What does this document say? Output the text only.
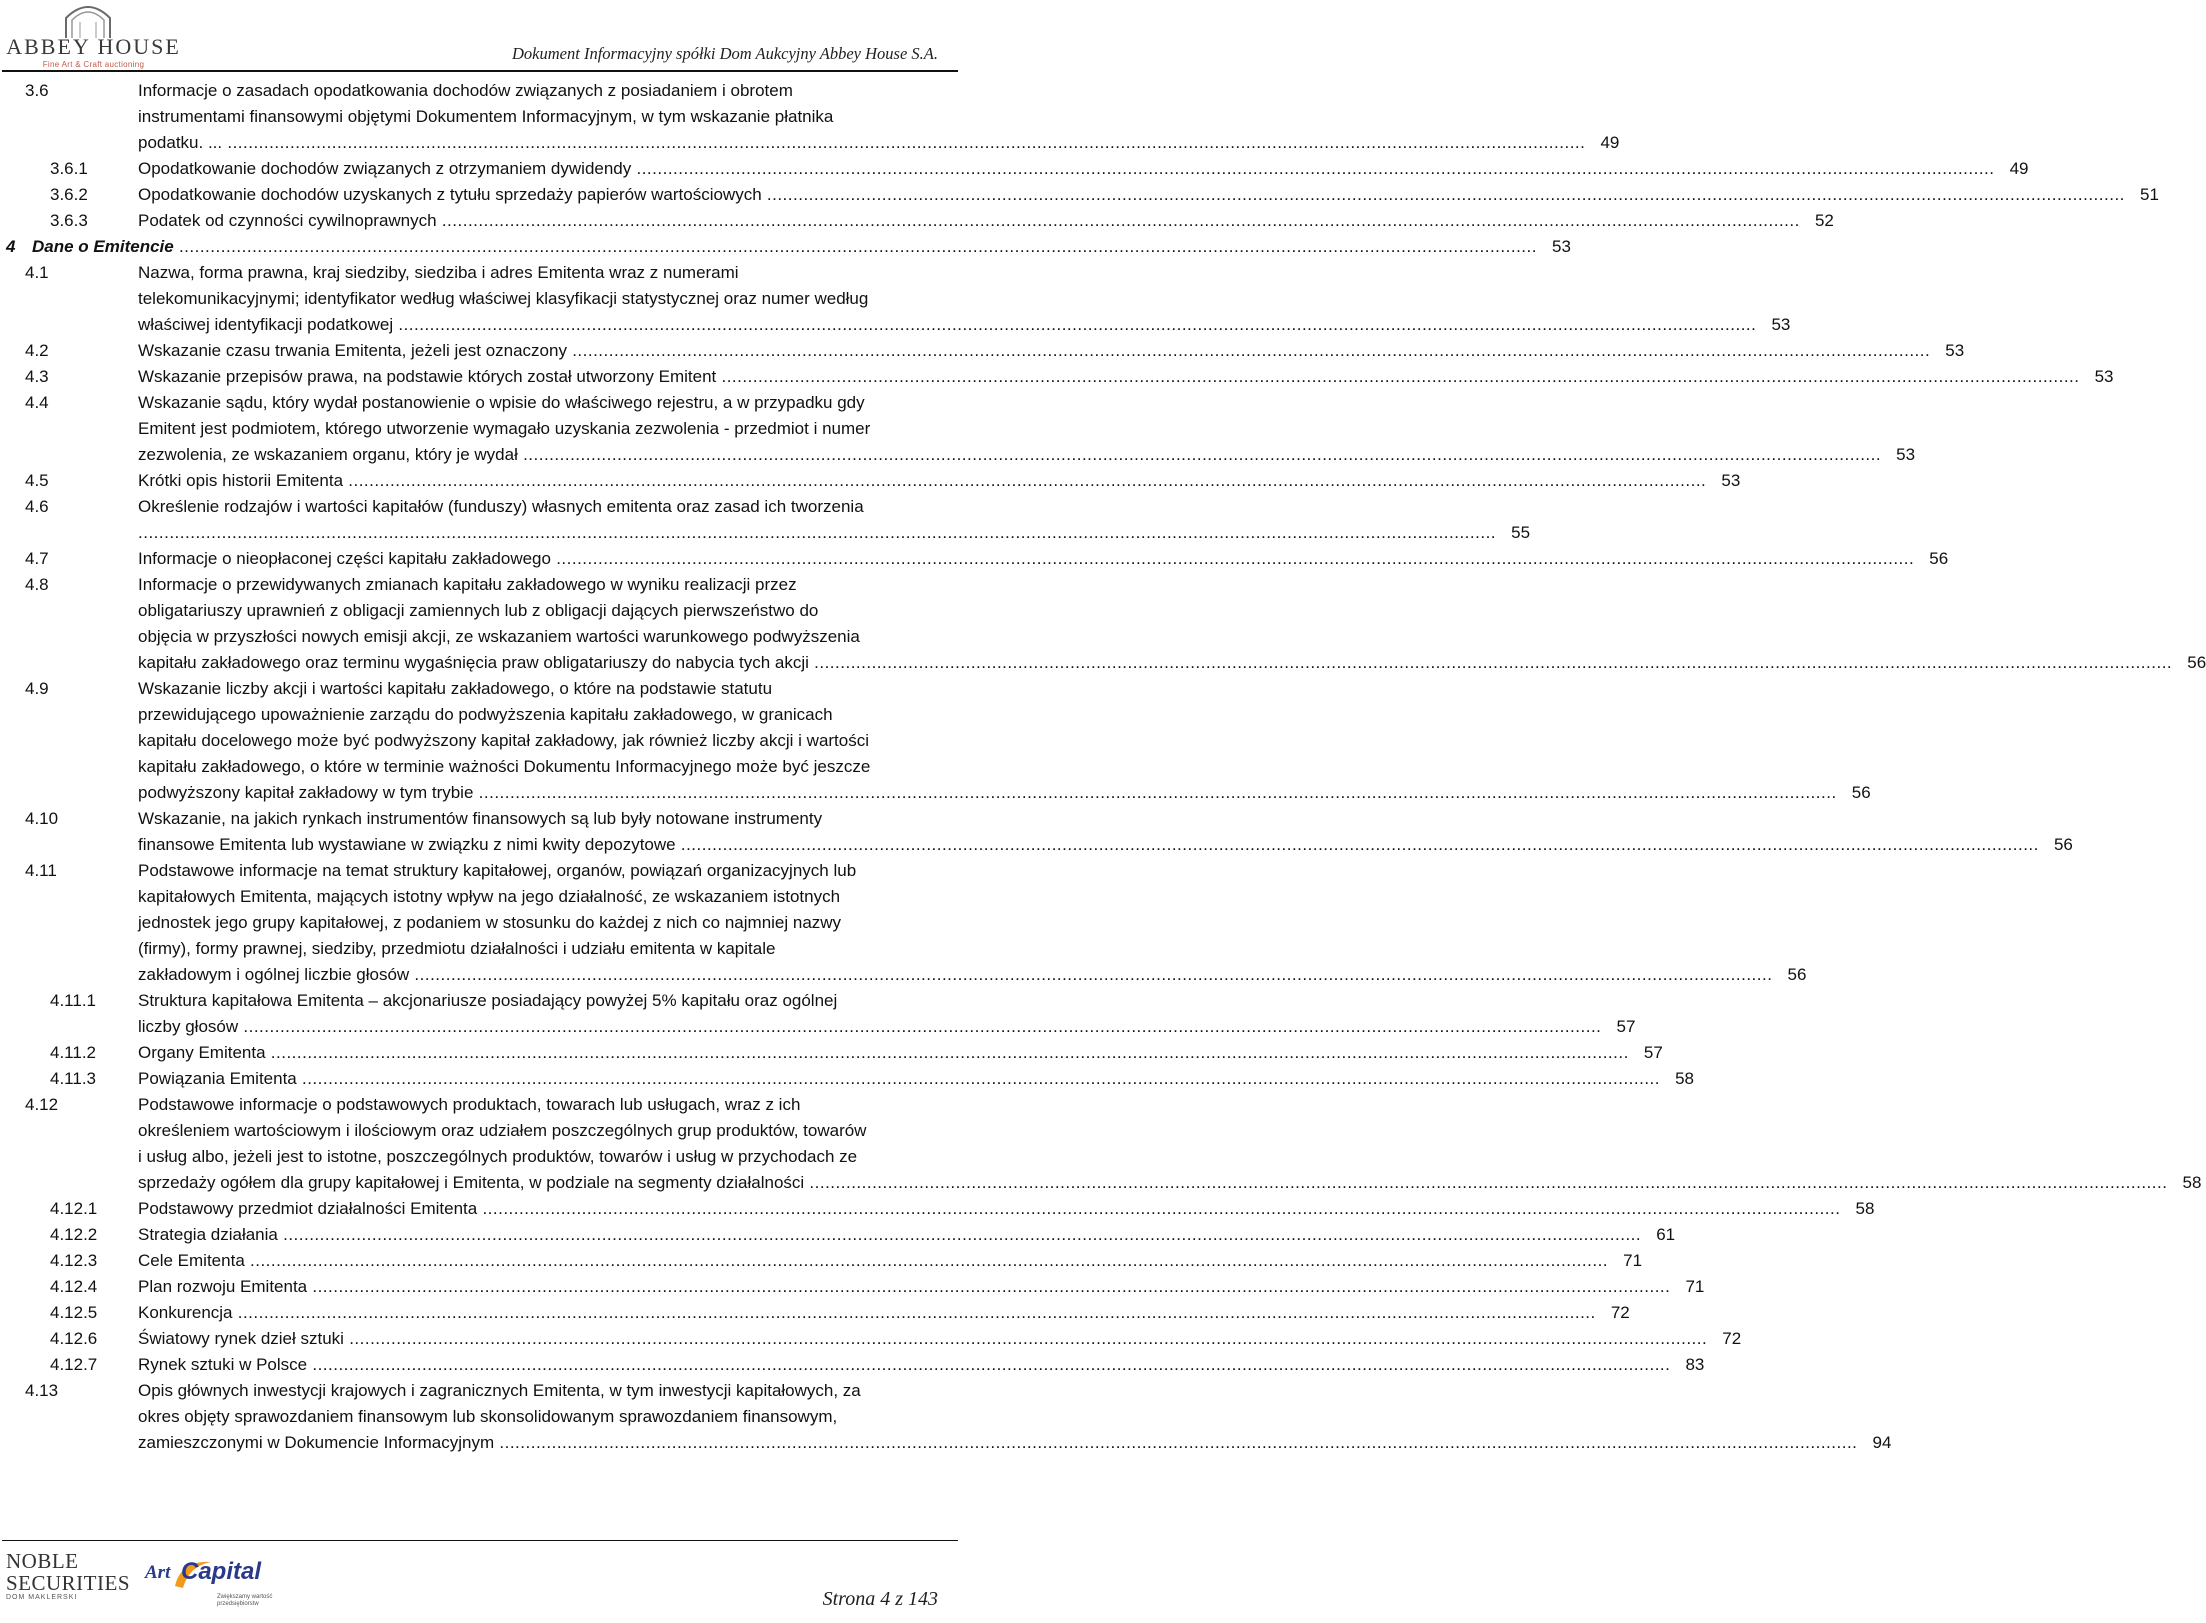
ABBEY HOUSE
Fine Art & Craft auctioning
Dokument Informacyjny spółki Dom Aukcyjny Abbey House S.A.
3.6	Informacje o zasadach opodatkowania dochodów związanych z posiadaniem i obrotem
instrumentami finansowymi objętymi Dokumentem Informacyjnym, w tym wskazanie płatnika
podatku. ... .................................................................................................................................................................................................................................................................... 49
3.6.1	Opodatkowanie dochodów związanych z otrzymaniem dywidendy .................................................................................................................................................................................................................................................................... 49
3.6.2	Opodatkowanie dochodów uzyskanych z tytułu sprzedaży papierów wartościowych .................................................................................................................................................................................................................................................................... 51
3.6.3	Podatek od czynności cywilnoprawnych .................................................................................................................................................................................................................................................................... 52
4 Dane o Emitencie .................................................................................................................................................................................................................................................................... 53
4.1	Nazwa, forma prawna, kraj siedziby, siedziba i adres Emitenta wraz z numerami
telekomunikacyjnymi; identyfikator według właściwej klasyfikacji statystycznej oraz numer według
właściwej identyfikacji podatkowej .................................................................................................................................................................................................................................................................... 53
4.2	Wskazanie czasu trwania Emitenta, jeżeli jest oznaczony .................................................................................................................................................................................................................................................................... 53
4.3	Wskazanie przepisów prawa, na podstawie których został utworzony Emitent .................................................................................................................................................................................................................................................................... 53
4.4	Wskazanie sądu, który wydał postanowienie o wpisie do właściwego rejestru, a w przypadku gdy
Emitent jest podmiotem, którego utworzenie wymagało uzyskania zezwolenia - przedmiot i numer
zezwolenia, ze wskazaniem organu, który je wydał .................................................................................................................................................................................................................................................................... 53
4.5	Krótki opis historii Emitenta .................................................................................................................................................................................................................................................................... 53
4.6	Określenie rodzajów i wartości kapitałów (funduszy) własnych emitenta oraz zasad ich tworzenia
.................................................................................................................................................................................................................................................................... 55
4.7	Informacje o nieopłaconej części kapitału zakładowego .................................................................................................................................................................................................................................................................... 56
4.8	Informacje o przewidywanych zmianach kapitału zakładowego w wyniku realizacji przez
obligatariuszy uprawnień z obligacji zamiennych lub z obligacji dających pierwszeństwo do
objęcia w przyszłości nowych emisji akcji, ze wskazaniem wartości warunkowego podwyższenia
kapitału zakładowego oraz terminu wygaśnięcia praw obligatariuszy do nabycia tych akcji .................................................................................................................................................................................................................................................................... 56
4.9	Wskazanie liczby akcji i wartości kapitału zakładowego, o które na podstawie statutu
przewidującego upoważnienie zarządu do podwyższenia kapitału zakładowego, w granicach
kapitału docelowego może być podwyższony kapitał zakładowy, jak również liczby akcji i wartości
kapitału zakładowego, o które w terminie ważności Dokumentu Informacyjnego może być jeszcze
podwyższony kapitał zakładowy w tym trybie .................................................................................................................................................................................................................................................................... 56
4.10	Wskazanie, na jakich rynkach instrumentów finansowych są lub były notowane instrumenty
finansowe Emitenta lub wystawiane w związku z nimi kwity depozytowe .................................................................................................................................................................................................................................................................... 56
4.11	Podstawowe informacje na temat struktury kapitałowej, organów, powiązań organizacyjnych lub
kapitałowych Emitenta, mających istotny wpływ na jego działalność, ze wskazaniem istotnych
jednostek jego grupy kapitałowej, z podaniem w stosunku do każdej z nich co najmniej nazwy
(firmy), formy prawnej, siedziby, przedmiotu działalności i udziału emitenta w kapitale
zakładowym i ogólnej liczbie głosów .................................................................................................................................................................................................................................................................... 56
4.11.1	Struktura kapitałowa Emitenta – akcjonariusze posiadający powyżej 5% kapitału oraz ogólnej
liczby głosów .................................................................................................................................................................................................................................................................... 57
4.11.2	Organy Emitenta .................................................................................................................................................................................................................................................................... 57
4.11.3	Powiązania Emitenta .................................................................................................................................................................................................................................................................... 58
4.12	Podstawowe informacje o podstawowych produktach, towarach lub usługach, wraz z ich
określeniem wartościowym i ilościowym oraz udziałem poszczególnych grup produktów, towarów
i usług albo, jeżeli jest to istotne, poszczególnych produktów, towarów i usług w przychodach ze
sprzedaży ogółem dla grupy kapitałowej i Emitenta, w podziale na segmenty działalności .................................................................................................................................................................................................................................................................... 58
4.12.1	Podstawowy przedmiot działalności Emitenta .................................................................................................................................................................................................................................................................... 58
4.12.2	Strategia działania .................................................................................................................................................................................................................................................................... 61
4.12.3	Cele Emitenta .................................................................................................................................................................................................................................................................... 71
4.12.4	Plan rozwoju Emitenta .................................................................................................................................................................................................................................................................... 71
4.12.5	Konkurencja .................................................................................................................................................................................................................................................................... 72
4.12.6	Światowy rynek dzieł sztuki .................................................................................................................................................................................................................................................................... 72
4.12.7	Rynek sztuki w Polsce .................................................................................................................................................................................................................................................................... 83
4.13	Opis głównych inwestycji krajowych i zagranicznych Emitenta, w tym inwestycji kapitałowych, za
okres objęty sprawozdaniem finansowym lub skonsolidowanym sprawozdaniem finansowym,
zamieszczonymi w Dokumencie Informacyjnym .................................................................................................................................................................................................................................................................... 94
NOBLE
SECURITIES
DOM MAKLERSKI
Art Capital
Zwiększamy wartość przedsiębiorstw	Strona 4 z 143
